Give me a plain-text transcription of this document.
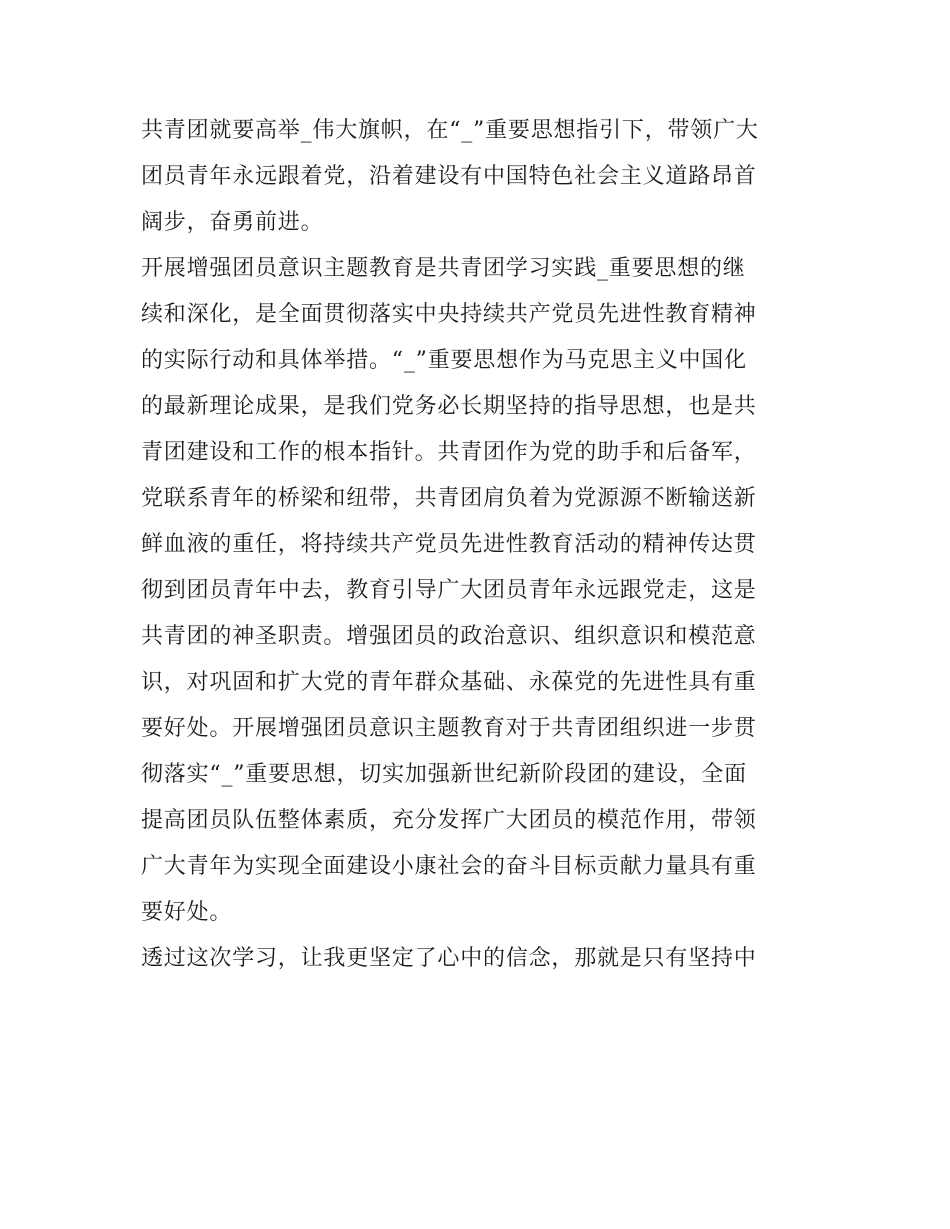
共青团就要高举_伟大旗帜，在“_”重要思想指引下，带领广大
团员青年永远跟着党，沿着建设有中国特色社会主义道路昂首
阔步，奋勇前进。
开展增强团员意识主题教育是共青团学习实践_重要思想的继
续和深化，是全面贯彻落实中央持续共产党员先进性教育精神
的实际行动和具体举措。“_”重要思想作为马克思主义中国化
的最新理论成果，是我们党务必长期坚持的指导思想，也是共
青团建设和工作的根本指针。共青团作为党的助手和后备军，
党联系青年的桥梁和纽带，共青团肩负着为党源源不断输送新
鲜血液的重任，将持续共产党员先进性教育活动的精神传达贯
彻到团员青年中去，教育引导广大团员青年永远跟党走，这是
共青团的神圣职责。增强团员的政治意识、组织意识和模范意
识，对巩固和扩大党的青年群众基础、永葆党的先进性具有重
要好处。开展增强团员意识主题教育对于共青团组织进一步贯
彻落实“_”重要思想，切实加强新世纪新阶段团的建设，全面
提高团员队伍整体素质，充分发挥广大团员的模范作用，带领
广大青年为实现全面建设小康社会的奋斗目标贡献力量具有重
要好处。
透过这次学习，让我更坚定了心中的信念，那就是只有坚持中
